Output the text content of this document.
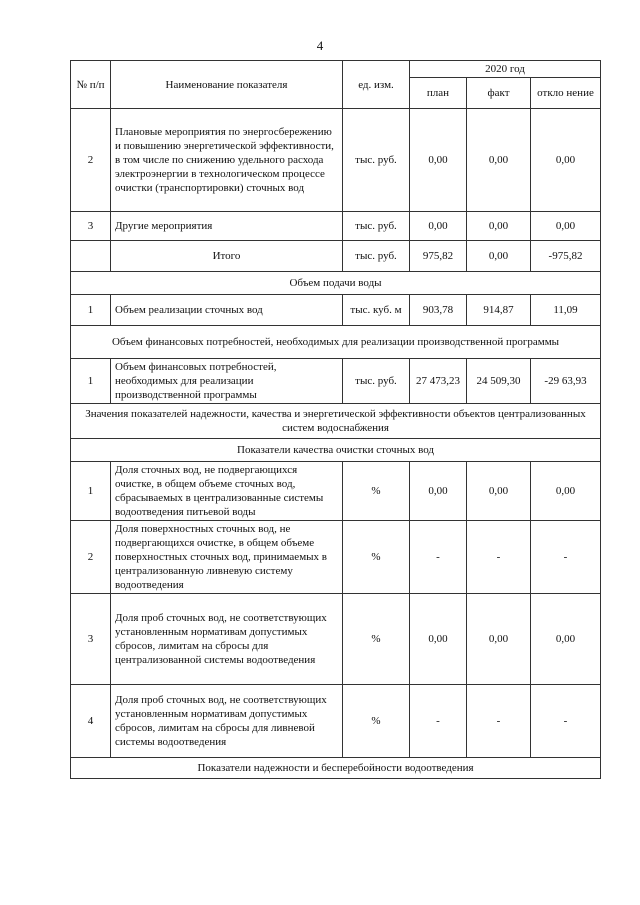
4
№ п/п	Наименование показателя	ед. изм.	2020 год		
			план	факт	откло нение
2	Плановые мероприятия по энергосбережению и повышению энергетической эффективности, в том числе по снижению удельного расхода электроэнергии в технологическом процессе очистки (транспортировки) сточных вод	тыс. руб.	0,00	0,00	0,00
3	Другие мероприятия	тыс. руб.	0,00	0,00	0,00
	Итого	тыс. руб.	975,82	0,00	-975,82
Объем подачи воды					
1	Объем реализации сточных вод	тыс. куб. м	903,78	914,87	11,09
Объем финансовых потребностей, необходимых для реализации производственной программы					
1	Объем финансовых потребностей, необходимых для реализации производственной программы	тыс. руб.	27 473,23	24 509,30	-29 63,93
Значения показателей надежности, качества и энергетической эффективности объектов централизованных систем водоснабжения					
Показатели качества очистки сточных вод					
1	Доля сточных вод, не подвергающихся очистке, в общем объеме сточных вод, сбрасываемых в централизованные системы водоотведения питьевой воды	%	0,00	0,00	0,00
2	Доля поверхностных сточных вод, не подвергающихся очистке, в общем объеме поверхностных сточных вод, принимаемых в централизованную ливневую систему водоотведения	%	-	-	-
3	Доля проб сточных вод, не соответствующих установленным нормативам допустимых сбросов, лимитам на сбросы для централизованной системы водоотведения	%	0,00	0,00	0,00
4	Доля проб сточных вод, не соответствующих установленным нормативам допустимых сбросов, лимитам на сбросы для ливневой системы водоотведения	%	-	-	-
Показатели надежности и бесперебойности водоотведения					
